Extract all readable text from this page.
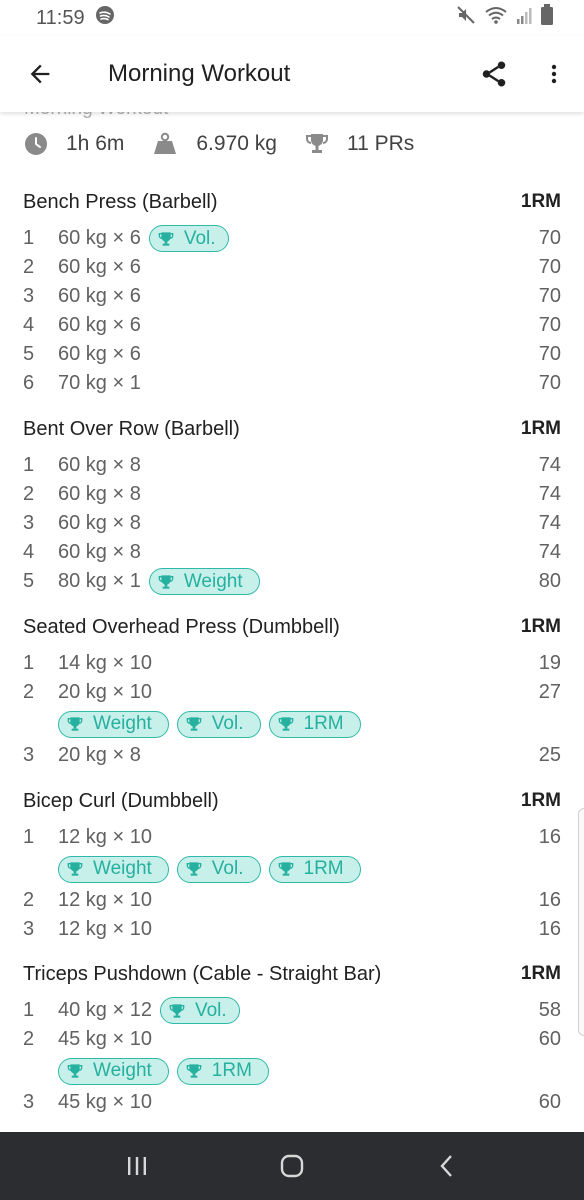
11:59
Morning Workout
1h 6m	6.970 kg	11 PRs
Bench Press (Barbell)	1RM
1	60 kg × 6 Vol.	70
2	60 kg × 6	70
3	60 kg × 6	70
4	60 kg × 6	70
5	60 kg × 6	70
6	70 kg × 1	70
Bent Over Row (Barbell)	1RM
1	60 kg × 8	74
2	60 kg × 8	74
3	60 kg × 8	74
4	60 kg × 8	74
5	80 kg × 1 Weight	80
Seated Overhead Press (Dumbbell)	1RM
1	14 kg × 10	19
2	20 kg × 10	27
Weight	Vol.	1RM
3	20 kg × 8	25
Bicep Curl (Dumbbell)	1RM
1	12 kg × 10	16
Weight	Vol.	1RM
2	12 kg × 10	16
3	12 kg × 10	16
Triceps Pushdown (Cable - Straight Bar)	1RM
1	40 kg × 12 Vol.	58
2	45 kg × 10	60
Weight	1RM
3	45 kg × 10	60
